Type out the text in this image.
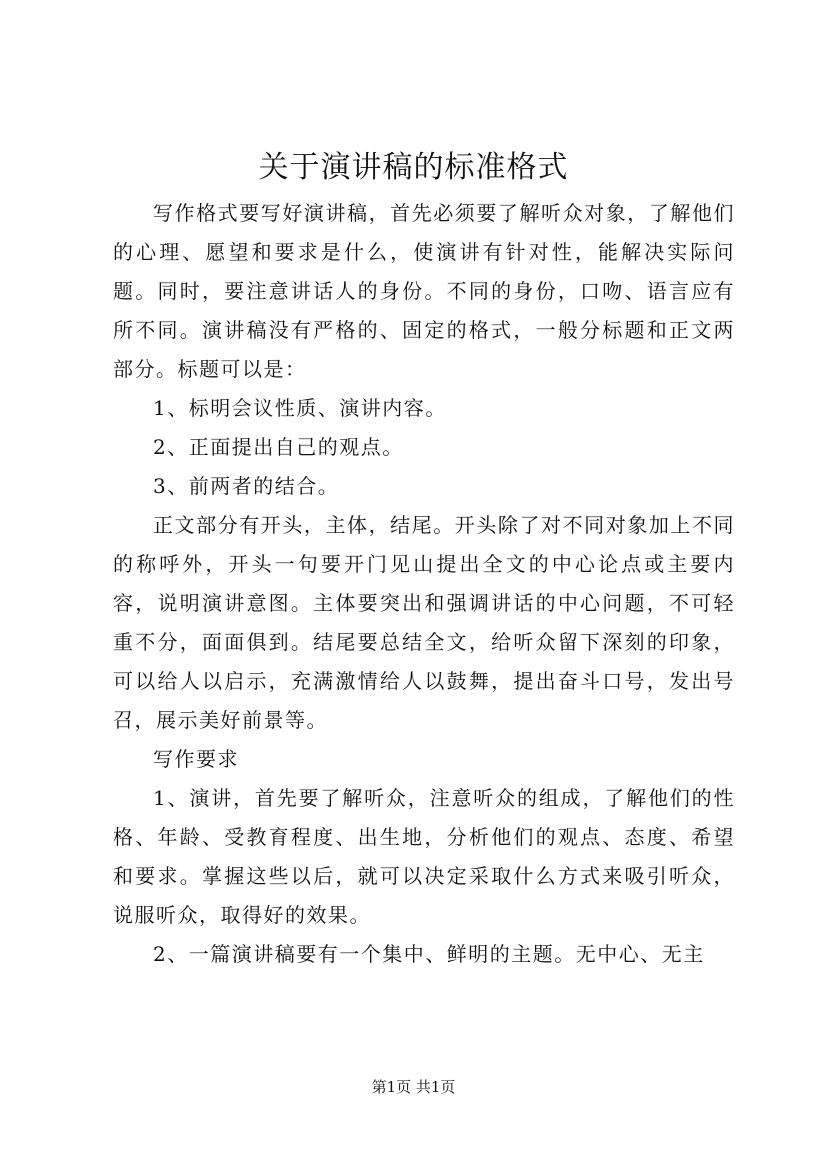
关于演讲稿的标准格式

写作格式要写好演讲稿，首先必须要了解听众对象，了解他们的心理、愿望和要求是什么，使演讲有针对性，能解决实际问题。同时，要注意讲话人的身份。不同的身份，口吻、语言应有所不同。演讲稿没有严格的、固定的格式，一般分标题和正文两部分。标题可以是：

1、标明会议性质、演讲内容。

2、正面提出自己的观点。

3、前两者的结合。

正文部分有开头，主体，结尾。开头除了对不同对象加上不同的称呼外，开头一句要开门见山提出全文的中心论点或主要内容，说明演讲意图。主体要突出和强调讲话的中心问题，不可轻重不分，面面俱到。结尾要总结全文，给听众留下深刻的印象，可以给人以启示，充满激情给人以鼓舞，提出奋斗口号，发出号召，展示美好前景等。

写作要求

1、演讲，首先要了解听众，注意听众的组成，了解他们的性格、年龄、受教育程度、出生地，分析他们的观点、态度、希望和要求。掌握这些以后，就可以决定采取什么方式来吸引听众，说服听众，取得好的效果。

2、一篇演讲稿要有一个集中、鲜明的主题。无中心、无主

第1页 共1页
